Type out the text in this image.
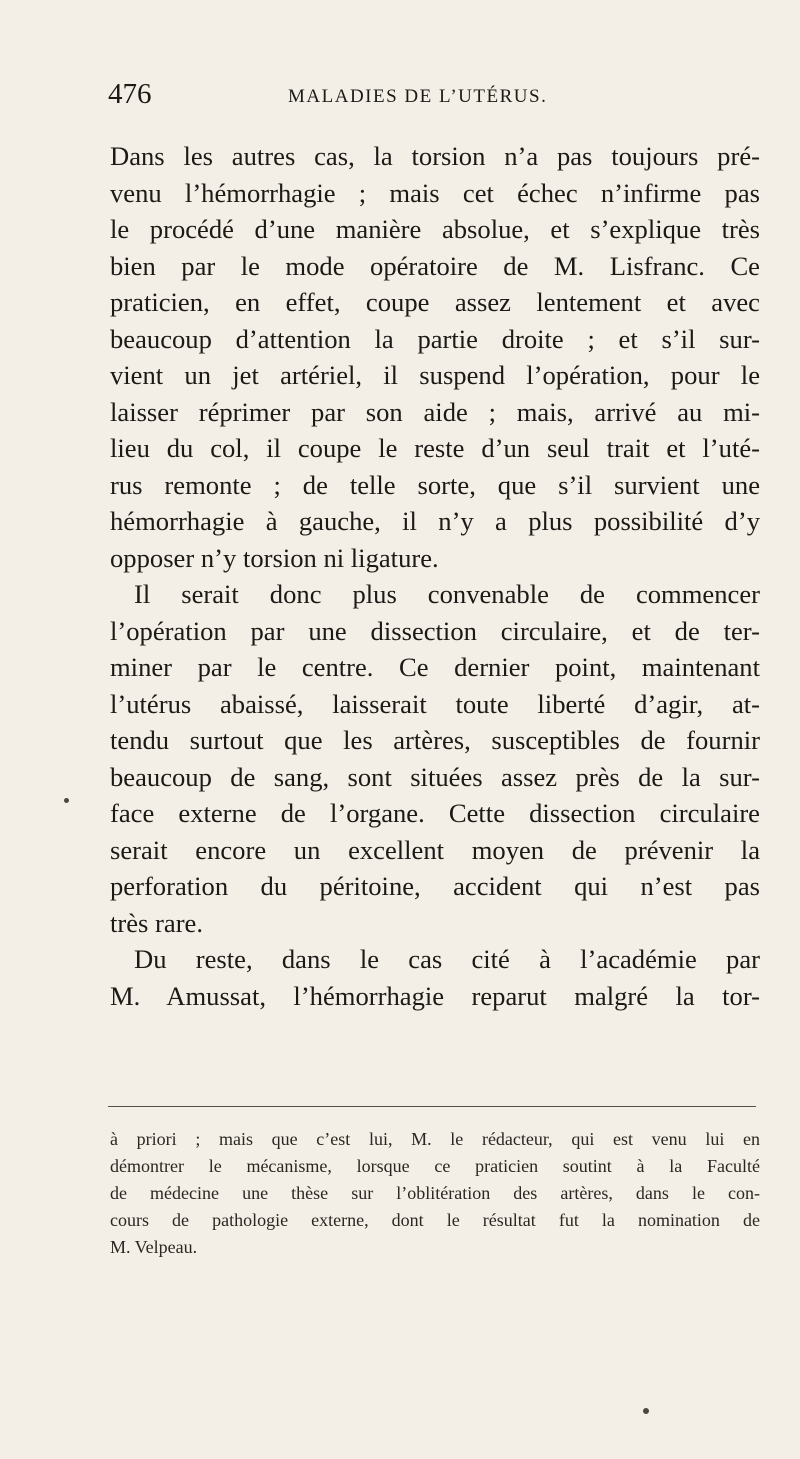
476	MALADIES DE L’UTÉRUS.
Dans les autres cas, la torsion n’a pas toujours pré-
venu l’hémorrhagie ; mais cet échec n’infirme pas
le procédé d’une manière absolue, et s’explique très
bien par le mode opératoire de M. Lisfranc. Ce
praticien, en effet, coupe assez lentement et avec
beaucoup d’attention la partie droite ; et s’il sur-
vient un jet artériel, il suspend l’opération, pour le
laisser réprimer par son aide ; mais, arrivé au mi-
lieu du col, il coupe le reste d’un seul trait et l’uté-
rus remonte ; de telle sorte, que s’il survient une
hémorrhagie à gauche, il n’y a plus possibilité d’y
opposer n’y torsion ni ligature.
Il serait donc plus convenable de commencer
l’opération par une dissection circulaire, et de ter-
miner par le centre. Ce dernier point, maintenant
l’utérus abaissé, laisserait toute liberté d’agir, at-
tendu surtout que les artères, susceptibles de fournir
beaucoup de sang, sont situées assez près de la sur-
face externe de l’organe. Cette dissection circulaire
serait encore un excellent moyen de prévenir la
perforation du péritoine, accident qui n’est pas
très rare.
Du reste, dans le cas cité à l’académie par
M. Amussat, l’hémorrhagie reparut malgré la tor-
à priori ; mais que c’est lui, M. le rédacteur, qui est venu lui en
démontrer le mécanisme, lorsque ce praticien soutint à la Faculté
de médecine une thèse sur l’oblitération des artères, dans le con-
cours de pathologie externe, dont le résultat fut la nomination de
M. Velpeau.
